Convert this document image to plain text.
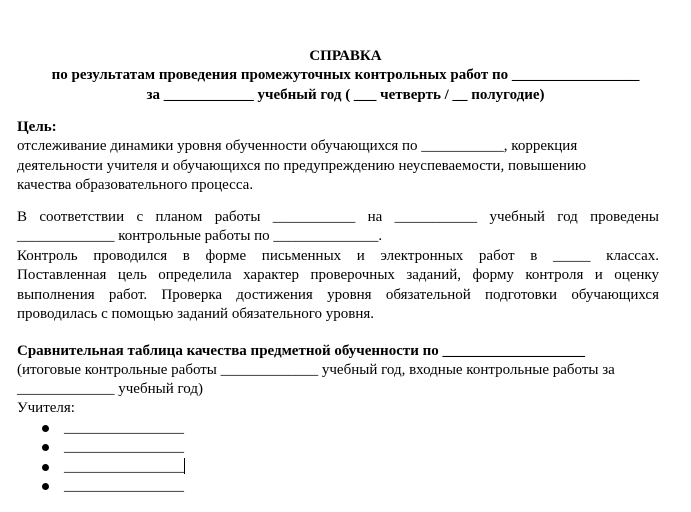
СПРАВКА

по результатам проведения промежуточных контрольных работ по _________________

за ____________ учебный год ( ___ четверть / __ полугодие)

Цель:

отслеживание динамики уровня обученности обучающихся по ___________, коррекция

деятельности учителя и обучающихся по предупреждению неуспеваемости, повышению

качества образовательного процесса.

В соответствии с планом работы ___________ на ___________ учебный год проведены
_____________ контрольные работы по ______________.
Контроль проводился в форме письменных и электронных работ в _____ классах.
Поставленная цель определила характер проверочных заданий, форму контроля и оценку
выполнения работ. Проверка достижения уровня обязательной подготовки обучающихся
проводилась с помощью заданий обязательного уровня.

Сравнительная таблица качества предметной обученности по ___________________

(итоговые контрольные работы _____________ учебный год, входные контрольные работы за

_____________ учебный год)

Учителя:

________________
________________
________________
________________
